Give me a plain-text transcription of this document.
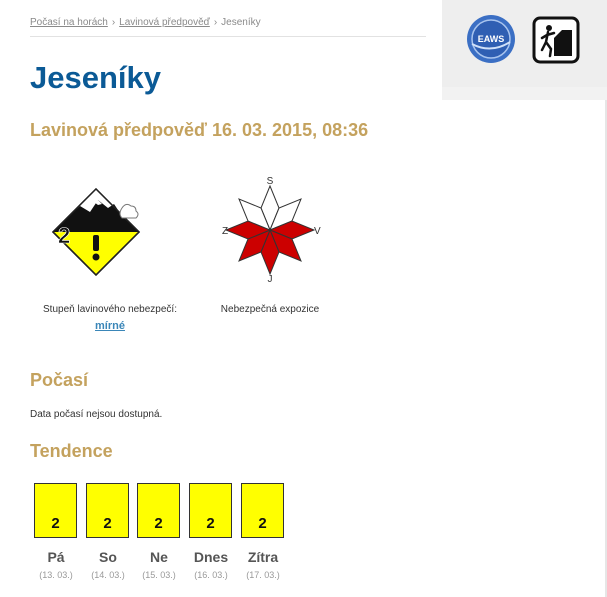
EAWS
Počasí na horách › Lavinová předpověď › Jeseníky
Jeseníky
Lavinová předpověď 16. 03. 2015, 08:36
2
S
J
Z	V
Stupeň lavinového nebezpečí:
mírné
Nebezpečná expozice
Počasí
Data počasí nejsou dostupná.
Tendence
2
Pá
(13. 03.)
2
So
(14. 03.)
2
Ne
(15. 03.)
2
Dnes
(16. 03.)
2
Zítra
(17. 03.)
